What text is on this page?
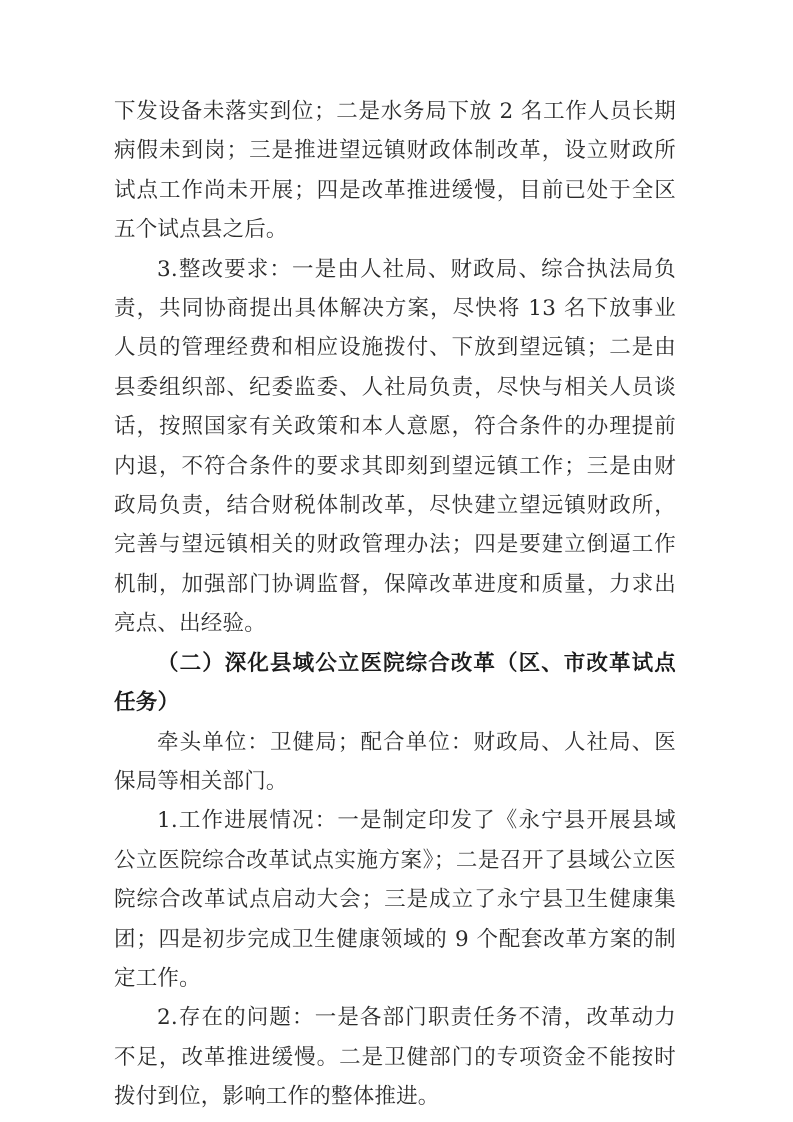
下发设备未落实到位；二是水务局下放 2 名工作人员长期病假未到岗；三是推进望远镇财政体制改革，设立财政所试点工作尚未开展；四是改革推进缓慢，目前已处于全区五个试点县之后。

3.整改要求：一是由人社局、财政局、综合执法局负责，共同协商提出具体解决方案，尽快将 13 名下放事业人员的管理经费和相应设施拨付、下放到望远镇；二是由县委组织部、纪委监委、人社局负责，尽快与相关人员谈话，按照国家有关政策和本人意愿，符合条件的办理提前内退，不符合条件的要求其即刻到望远镇工作；三是由财政局负责，结合财税体制改革，尽快建立望远镇财政所，完善与望远镇相关的财政管理办法；四是要建立倒逼工作机制，加强部门协调监督，保障改革进度和质量，力求出亮点、出经验。

（二）深化县域公立医院综合改革（区、市改革试点任务）

牵头单位：卫健局；配合单位：财政局、人社局、医保局等相关部门。

1.工作进展情况：一是制定印发了《永宁县开展县域公立医院综合改革试点实施方案》；二是召开了县域公立医院综合改革试点启动大会；三是成立了永宁县卫生健康集团；四是初步完成卫生健康领域的 9 个配套改革方案的制定工作。

2.存在的问题：一是各部门职责任务不清，改革动力不足，改革推进缓慢。二是卫健部门的专项资金不能按时拨付到位，影响工作的整体推进。
